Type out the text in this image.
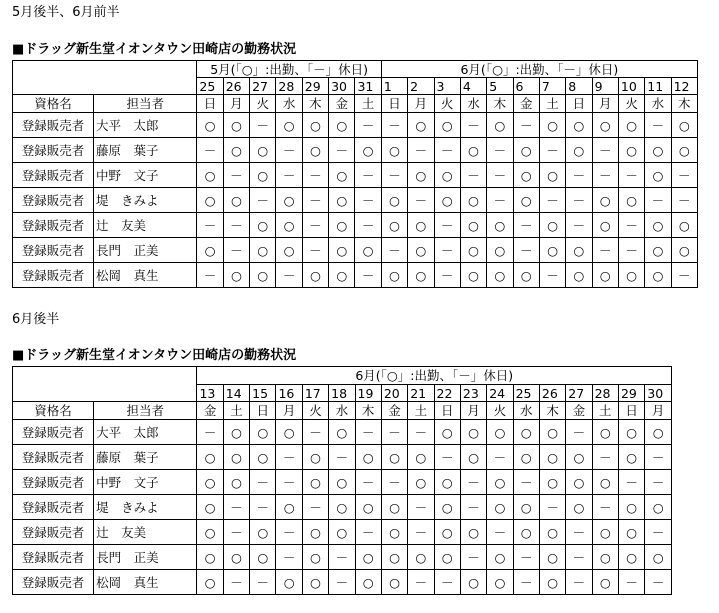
5月後半、6月前半
■ドラッグ新生堂イオンタウン田崎店の勤務状況
		5月(「○」:出勤、「－」休日)							6月(「○」:出勤、「－」休日)											
		25	26	27	28	29	30	31	1	2	3	4	5	6	7	8	9	10	11	12
資格名	担当者	日	月	火	水	木	金	土	日	月	火	水	木	金	土	日	月	火	水	木
登録販売者	大平　太郎	○	○	－	○	○	○	－	－	○	○	－	○	－	○	○	○	○	－	○
登録販売者	藤原　葉子	－	○	○	－	○	－	○	○	－	－	○	－	○	－	○	－	○	○	○
登録販売者	中野　文子	○	－	○	－	－	○	－	－	○	○	－	－	○	○	－	－	－	○	－
登録販売者	堤　きみよ	○	○	－	○	－	○	－	○	－	○	○	－	○	－	－	○	○	－	－
登録販売者	辻　友美	－	－	○	○	－	○	－	○	○	－	○	○	－	○	－	○	－	○	○
登録販売者	長門　正美	○	－	○	○	－	○	○	－	○	－	○	○	－	○	○	－	－	○	○
登録販売者	松岡　真生	－	○	○	－	○	○	－	○	○	－	○	○	○	－	○	○	○	○	－
6月後半
■ドラッグ新生堂イオンタウン田崎店の勤務状況
		6月(「○」:出勤、「－」休日)																	
		13	14	15	16	17	18	19	20	21	22	23	24	25	26	27	28	29	30
資格名	担当者	金	土	日	月	火	水	木	金	土	日	月	火	水	木	金	土	日	月
登録販売者	大平　太郎	－	○	○	○	－	○	－	－	－	○	○	○	○	○	－	○	○	○
登録販売者	藤原　葉子	○	○	○	－	○	－	○	○	○	－	○	－	○	○	○	－	○	－
登録販売者	中野　文子	○	○	－	－	○	○	－	－	○	○	－	○	－	○	○	○	－	－
登録販売者	堤　きみよ	○	－	－	○	－	○	○	○	－	○	－	○	○	－	○	－	○	○
登録販売者	辻　友美	○	－	○	－	○	○	－	○	－	○	○	－	○	○	－	○	○	－
登録販売者	長門　正美	○	○	○	－	○	－	○	○	○	○	－	○	－	○	－	○	○	○
登録販売者	松岡　真生	○	－	－	○	○	－	○	○	－	－	○	○	－	○	－	○	－	－
